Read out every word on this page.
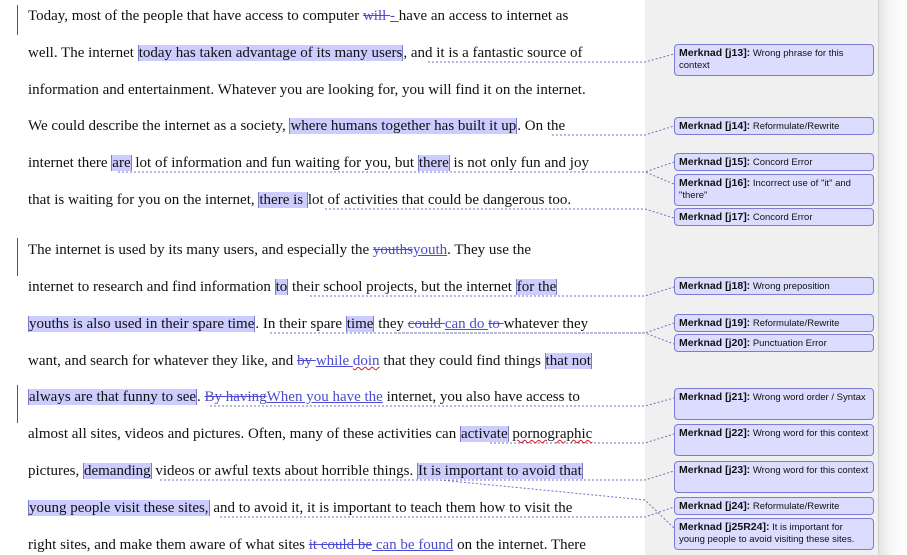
Today, most of the people that have access to computer will - have an access to internet as
well. The internet today has taken advantage of its many users, and it is a fantastic source of
information and entertainment. Whatever you are looking for, you will find it on the internet.
We could describe the internet as a society, where humans together has built it up. On the
internet there are lot of information and fun waiting for you, but there is not only fun and joy
that is waiting for you on the internet, there is lot of activities that could be dangerous too.
The internet is used by its many users, and especially the youthsyouth. They use the
internet to research and find information to their school projects, but the internet for the
youths is also used in their spare time. In their spare time they could can do to whatever they
want, and search for whatever they like, and by while doin that they could find things that not
always are that funny to see. By havingWhen you have the internet, you also have access to
almost all sites, videos and pictures. Often, many of these activities can activate pornographic
pictures, demanding videos or awful texts about horrible things. It is important to avoid that
young people visit these sites, and to avoid it, it is important to teach them how to visit the
right sites, and make them aware of what sites it could be can be found on the internet. There
Merknad [j13]: Wrong phrase for this context
Merknad [j14]: Reformulate/Rewrite
Merknad [j15]: Concord Error
Merknad [j16]: Incorrect use of "it" and "there"
Merknad [j17]: Concord Error
Merknad [j18]: Wrong preposition
Merknad [j19]: Reformulate/Rewrite
Merknad [j20]: Punctuation Error
Merknad [j21]: Wrong word order / Syntax
Merknad [j22]: Wrong word for this context
Merknad [j23]: Wrong word for this context
Merknad [j24]: Reformulate/Rewrite
Merknad [j25R24]: It is important for young people to avoid visiting these sites.
